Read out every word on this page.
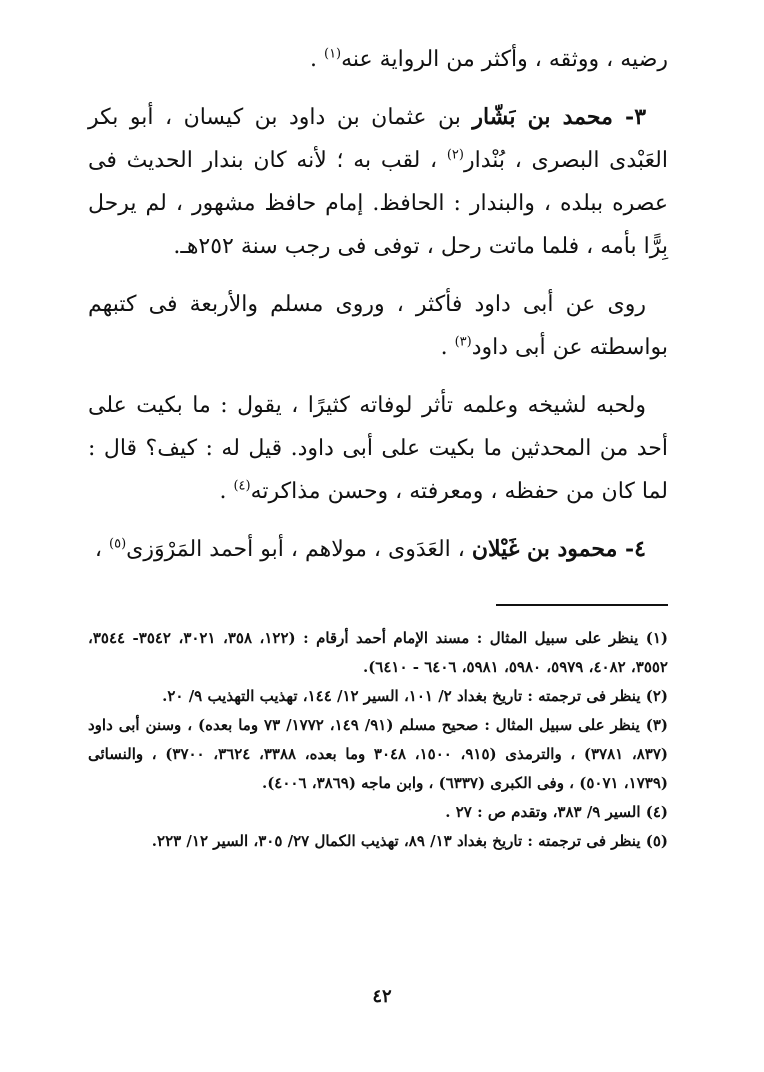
رضيه ، ووثقه ، وأكثر من الرواية عنه$^{(١)}$ .

٣- محمد بن بَشّار بن عثمان بن داود بن كيسان ، أبو بكر العَبْدى البصرى ، بُنْدار$^{(٢)}$ ، لقب به ؛ لأنه كان بندار الحديث فى عصره ببلده ، والبندار : الحافظ. إمام حافظ مشهور ، لم يرحل بِرًّا بأمه ، فلما ماتت رحل ، توفى فى رجب سنة ٢٥٢هـ.

روى عن أبى داود فأكثر ، وروى مسلم والأربعة فى كتبهم بواسطته عن أبى داود$^{(٣)}$ .

ولحبه لشيخه وعلمه تأثر لوفاته كثيرًا ، يقول : ما بكيت على أحد من المحدثين ما بكيت على أبى داود. قيل له : كيف؟ قال : لما كان من حفظه ، ومعرفته ، وحسن مذاكرته$^{(٤)}$ .

٤- محمود بن غَيْلان ، العَدَوى ، مولاهم ، أبو أحمد المَرْوَزى$^{(٥)}$ ،

(١) ينظر على سبيل المثال : مسند الإمام أحمد أرقام : (١٢٢، ٣٥٨، ٣٠٢١، ٣٥٤٢- ٣٥٤٤، ٣٥٥٢، ٤٠٨٢، ٥٩٧٩، ٥٩٨٠، ٥٩٨١، ٦٤٠٦ - ٦٤١٠).

(٢) ينظر فى ترجمته : تاريخ بغداد ٢/ ١٠١، السير ١٢/ ١٤٤، تهذيب التهذيب ٩/ ٢٠.

(٣) ينظر على سبيل المثال : صحيح مسلم (٩١/ ١٤٩، ١٧٧٢/ ٧٣ وما بعده) ، وسنن أبى داود (٨٣٧، ٣٧٨١) ، والترمذى (٩١٥، ١٥٠٠، ٣٠٤٨ وما بعده، ٣٣٨٨، ٣٦٢٤، ٣٧٠٠) ، والنسائى (١٧٣٩، ٥٠٧١) ، وفى الكبرى (٦٣٣٧) ، وابن ماجه (٣٨٦٩، ٤٠٠٦).

(٤) السير ٩/ ٣٨٣، وتقدم ص : ٢٧ .

(٥) ينظر فى ترجمته : تاريخ بغداد ١٣/ ٨٩، تهذيب الكمال ٢٧/ ٣٠٥، السير ١٢/ ٢٢٣.

٤٢
